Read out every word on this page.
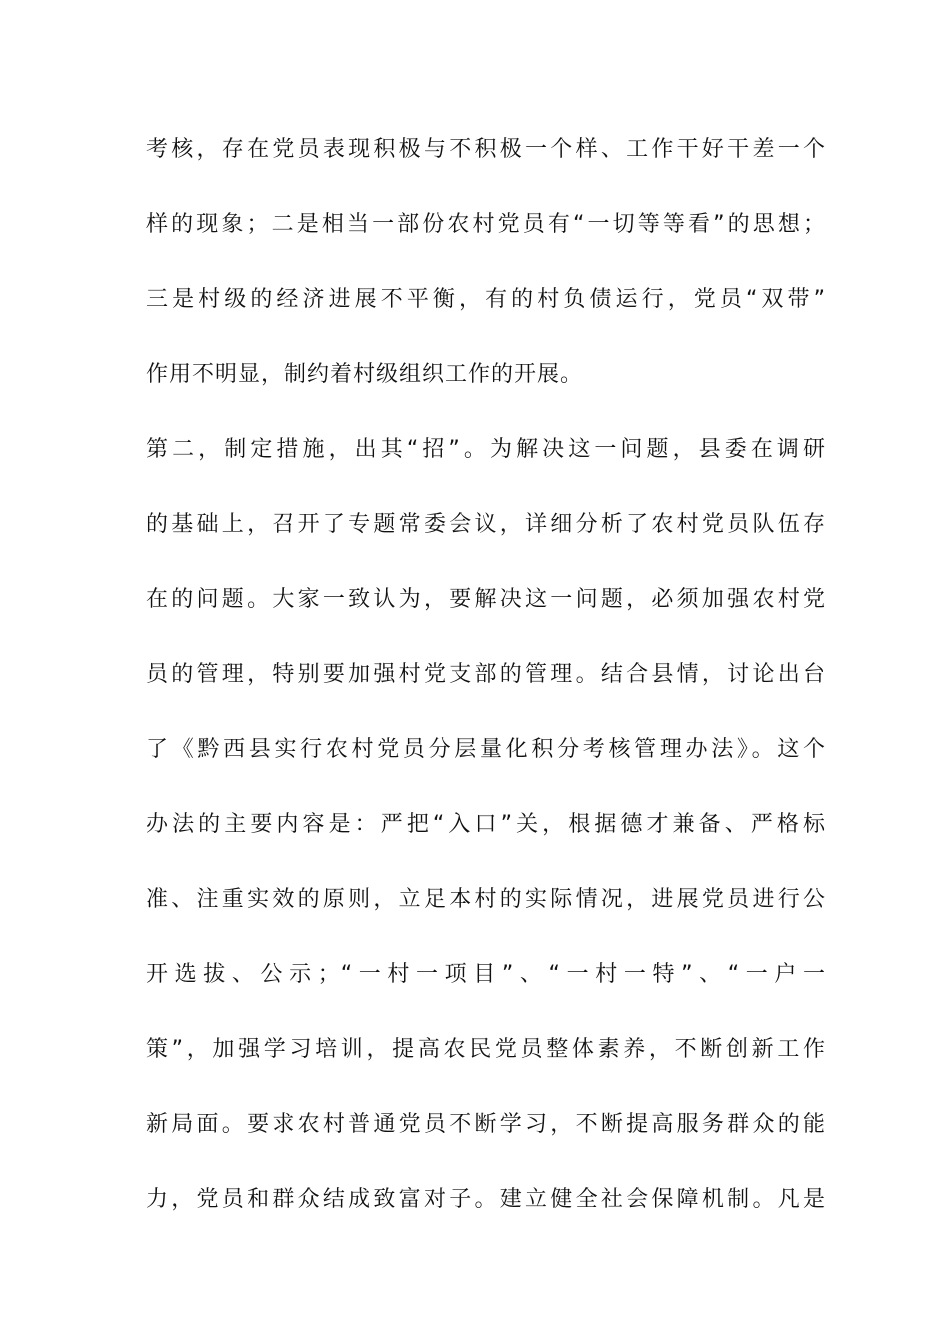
考核，存在党员表现积极与不积极一个样、工作干好干差一个
样的现象；二是相当一部份农村党员有“一切等等看”的思想；
三是村级的经济进展不平衡，有的村负债运行，党员“双带”
作用不明显，制约着村级组织工作的开展。
第二，制定措施，出其“招”。为解决这一问题，县委在调研
的基础上，召开了专题常委会议，详细分析了农村党员队伍存
在的问题。大家一致认为，要解决这一问题，必须加强农村党
员的管理，特别要加强村党支部的管理。结合县情，讨论出台
了《黔西县实行农村党员分层量化积分考核管理办法》。这个
办法的主要内容是：严把“入口”关，根据德才兼备、严格标
准、注重实效的原则，立足本村的实际情况，进展党员进行公
开选拔、公示；“一村一项目”、“一村一特”、“一户一
策”，加强学习培训，提高农民党员整体素养，不断创新工作
新局面。要求农村普通党员不断学习，不断提高服务群众的能
力，党员和群众结成致富对子。建立健全社会保障机制。凡是
